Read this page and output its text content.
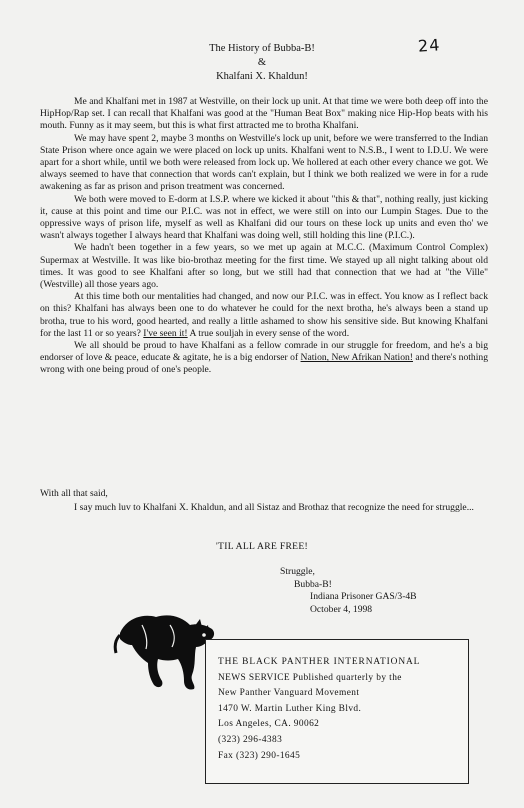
24
The History of Bubba-B!
&
Khalfani X. Khaldun!

Me and Khalfani met in 1987 at Westville, on their lock up unit. At that time we were both deep off into the HipHop/Rap set. I can recall that Khalfani was good at the "Human Beat Box" making nice Hip-Hop beats with his mouth. Funny as it may seem, but this is what first attracted me to brotha Khalfani.

We may have spent 2, maybe 3 months on Westville's lock up unit, before we were transferred to the Indian State Prison where once again we were placed on lock up units. Khalfani went to N.S.B., I went to I.D.U. We were apart for a short while, until we both were released from lock up. We hollered at each other every chance we got. We always seemed to have that connection that words can't explain, but I think we both realized we were in for a rude awakening as far as prison and prison treatment was concerned.

We both were moved to E-dorm at I.S.P. where we kicked it about "this & that", nothing really, just kicking it, cause at this point and time our P.I.C. was not in effect, we were still on into our Lumpin Stages. Due to the oppressive ways of prison life, myself as well as Khalfani did our tours on these lock up units and even tho' we wasn't always together I always heard that Khalfani was doing well, still holding this line (P.I.C.).

We hadn't been together in a few years, so we met up again at M.C.C. (Maximum Control Complex) Supermax at Westville. It was like bio-brothaz meeting for the first time. We stayed up all night talking about old times. It was good to see Khalfani after so long, but we still had that connection that we had at "the Ville" (Westville) all those years ago.

At this time both our mentalities had changed, and now our P.I.C. was in effect. You know as I reflect back on this? Khalfani has always been one to do whatever he could for the next brotha, he's always been a stand up brotha, true to his word, good hearted, and really a little ashamed to show his sensitive side. But knowing Khalfani for the last 11 or so years? I've seen it! A true souljah in every sense of the word.

We all should be proud to have Khalfani as a fellow comrade in our struggle for freedom, and he's a big endorser of love & peace, educate & agitate, he is a big endorser of Nation, New Afrikan Nation! and there's nothing wrong with one being proud of one's people.

With all that said,

I say much luv to Khalfani X. Khaldun, and all Sistaz and Brothaz that recognize the need for struggle...

'TIL ALL ARE FREE!
Struggle,
Bubba-B!
Indiana Prisoner GAS/3-4B
October 4, 1998
THE BLACK PANTHER INTERNATIONAL
NEWS SERVICE Published quarterly by the
New Panther Vanguard Movement
1470 W. Martin Luther King Blvd.
Los Angeles, CA. 90062
(323) 296-4383
Fax (323) 290-1645
